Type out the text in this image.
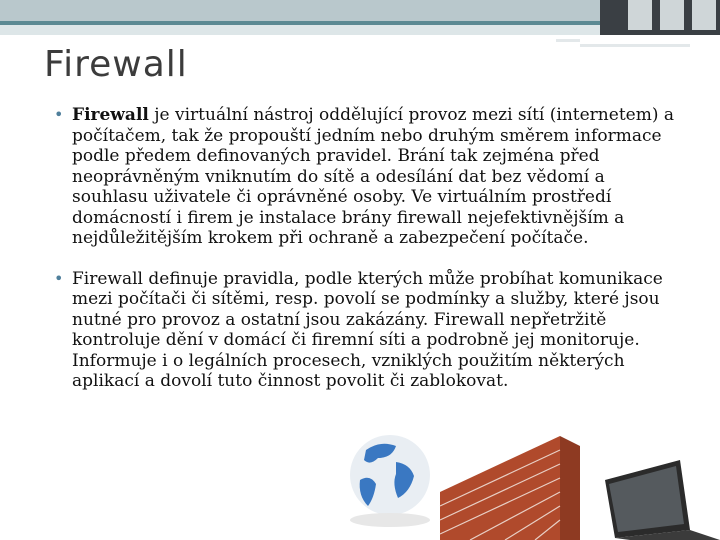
Firewall

• Firewall je virtuální nástroj oddělující provoz mezi sítí (internetem) a počítačem, tak že propouští jedním nebo druhým směrem informace podle předem definovaných pravidel. Brání tak zejména před neoprávněným vniknutím do sítě a odesílání dat bez vědomí a souhlasu uživatele či oprávněné osoby. Ve virtuálním prostředí domácností i firem je instalace brány firewall nejefektivnějším a nejdůležitějším krokem při ochraně a zabezpečení počítače.

• Firewall definuje pravidla, podle kterých může probíhat komunikace mezi počítači či sítěmi, resp. povolí se podmínky a služby, které jsou nutné pro provoz a ostatní jsou zakázány. Firewall nepřetržitě kontroluje dění v domácí či firemní síti a podrobně jej monitoruje. Informuje i o legálních procesech, vzniklých použitím některých aplikací a dovolí tuto činnost povolit či zablokovat.
